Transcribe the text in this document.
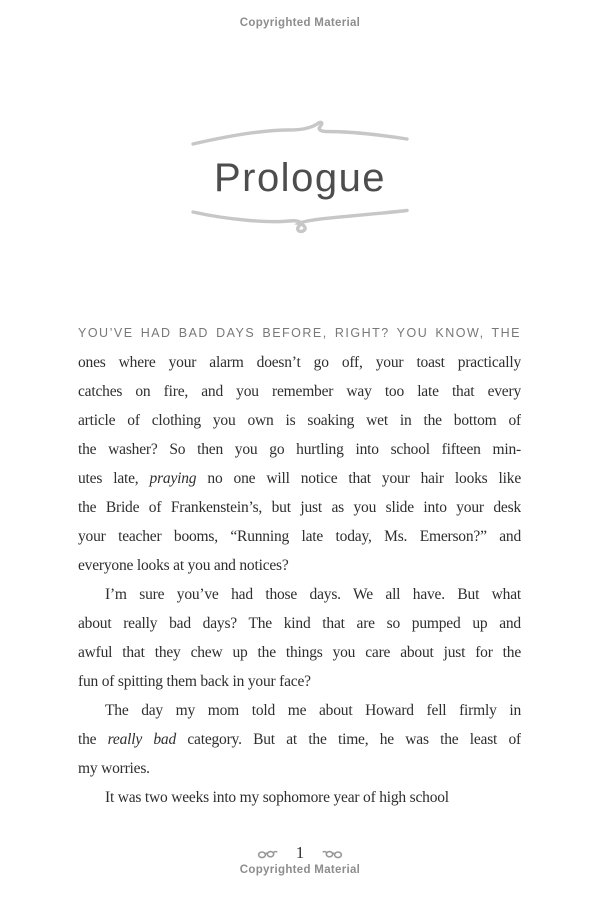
Copyrighted Material
Prologue
YOU’VE HAD BAD DAYS BEFORE, RIGHT? YOU KNOW, THE
ones where your alarm doesn’t go off, your toast practically
catches on fire, and you remember way too late that every
article of clothing you own is soaking wet in the bottom of
the washer? So then you go hurtling into school fifteen min-
utes late, praying no one will notice that your hair looks like
the Bride of Frankenstein’s, but just as you slide into your desk
your teacher booms, “Running late today, Ms. Emerson?” and
everyone looks at you and notices?
I’m sure you’ve had those days. We all have. But what
about really bad days? The kind that are so pumped up and
awful that they chew up the things you care about just for the
fun of spitting them back in your face?
The day my mom told me about Howard fell firmly in
the really bad category. But at the time, he was the least of
my worries.
It was two weeks into my sophomore year of high school
1
Copyrighted Material
